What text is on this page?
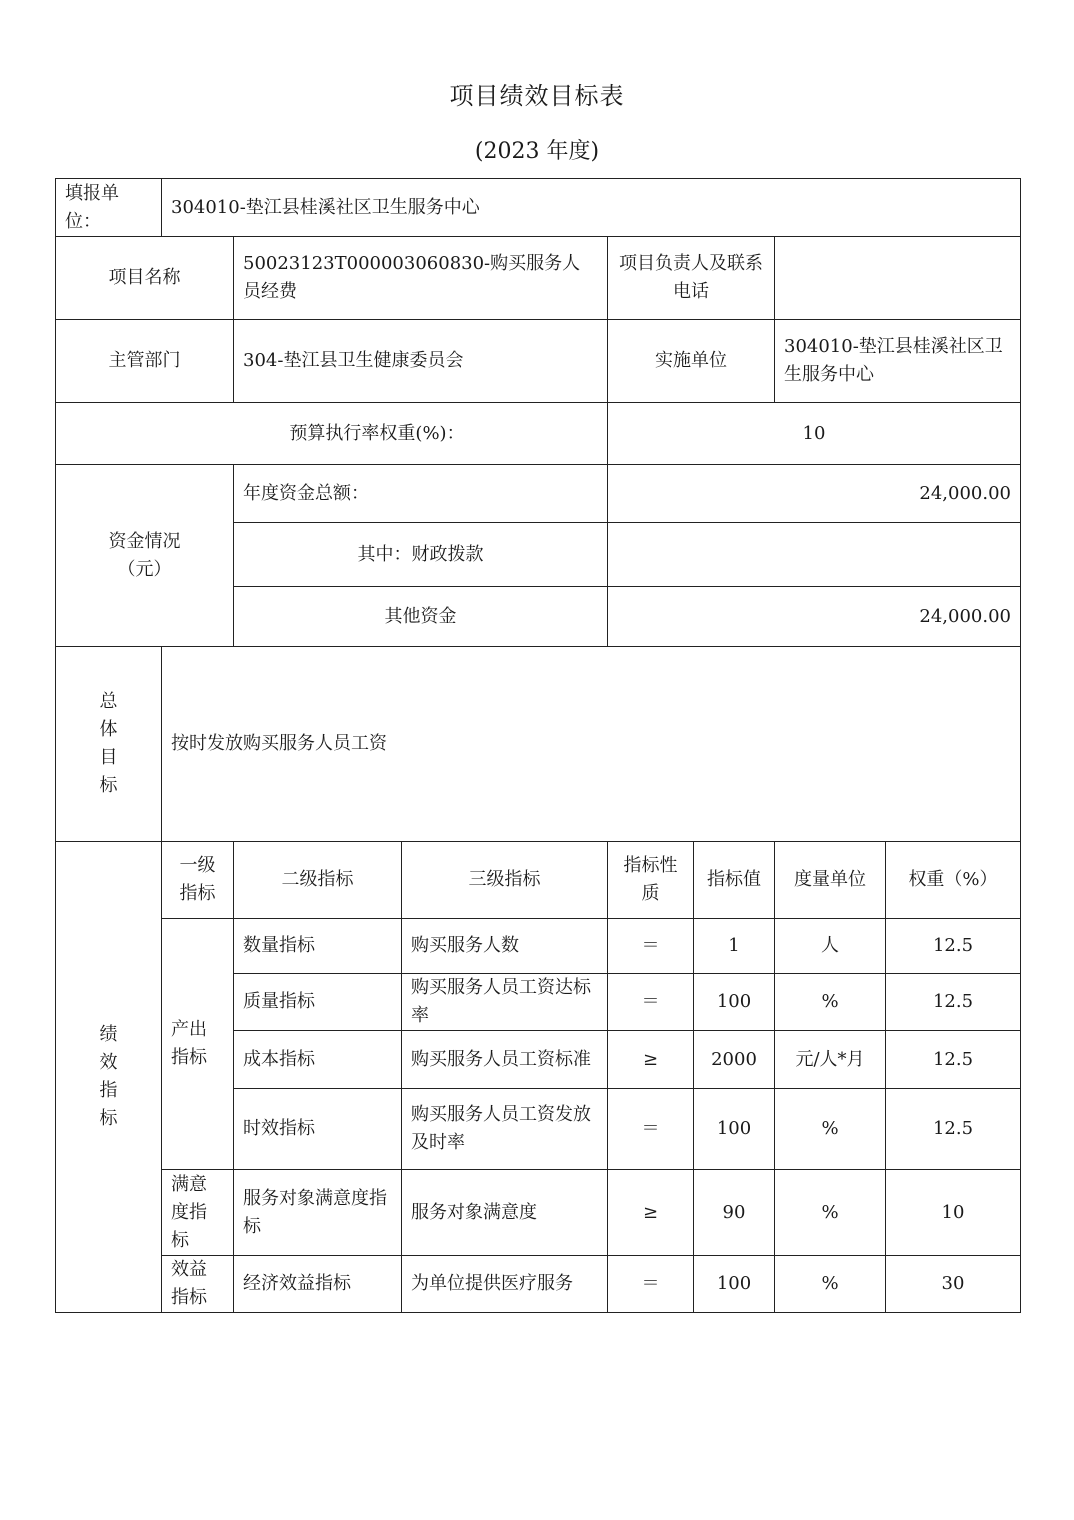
项目绩效目标表
(2023 年度)
填报单位：	304010-垫江县桂溪社区卫生服务中心						
项目名称		50023123T000003060830-购买服务人员经费		项目负责人及联系电话			
主管部门		304-垫江县卫生健康委员会		实施单位		304010-垫江县桂溪社区卫生服务中心	
预算执行率权重(%)：				10			

资金情况
（元）		年度资金总额：		24,000.00			
		其中：财政拨款					
		其他资金		24,000.00			

总
体
目
标	按时发放购买服务人员工资						

绩
效
指
标	一级指标	二级指标	三级指标	指标性质	指标值	度量单位	权重（%）
	产出指标	数量指标	购买服务人数	＝	1	人	12.5
		质量指标	购买服务人员工资达标率	＝	100	%	12.5
		成本指标	购买服务人员工资标准	≥	2000	元/人*月	12.5
		时效指标	购买服务人员工资发放及时率	＝	100	%	12.5
	满意度指标	服务对象满意度指标	服务对象满意度	≥	90	%	10
	效益指标	经济效益指标	为单位提供医疗服务	＝	100	%	30
